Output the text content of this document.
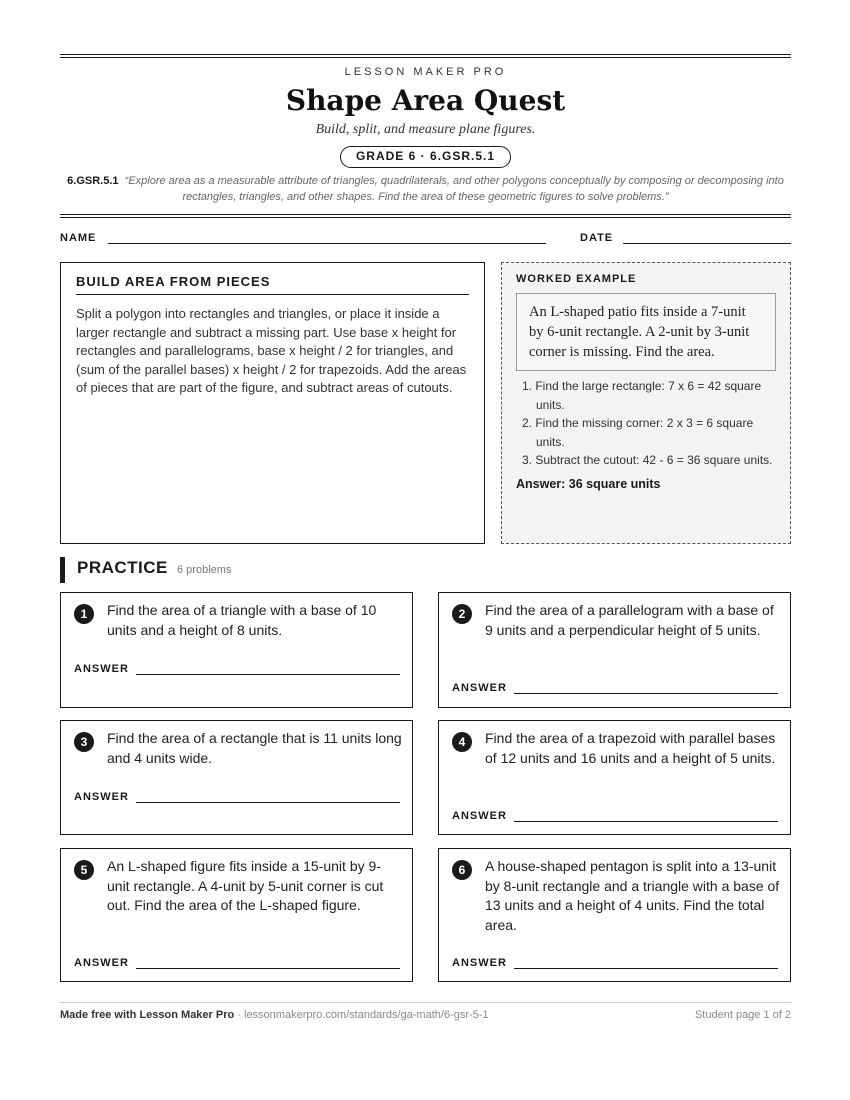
LESSON MAKER PRO
Shape Area Quest
Build, split, and measure plane figures.
GRADE 6 · 6.GSR.5.1
6.GSR.5.1 “Explore area as a measurable attribute of triangles, quadrilaterals, and other polygons conceptually by composing or decomposing into rectangles, triangles, and other shapes. Find the area of these geometric figures to solve problems.”
NAME	DATE
BUILD AREA FROM PIECES
Split a polygon into rectangles and triangles, or place it inside a larger rectangle and subtract a missing part. Use base x height for rectangles and parallelograms, base x height / 2 for triangles, and (sum of the parallel bases) x height / 2 for trapezoids. Add the areas of pieces that are part of the figure, and subtract areas of cutouts.
WORKED EXAMPLE
An L-shaped patio fits inside a 7-unit by 6-unit rectangle. A 2-unit by 3-unit corner is missing. Find the area.
1. Find the large rectangle: 7 x 6 = 42 square units.
2. Find the missing corner: 2 x 3 = 6 square units.
3. Subtract the cutout: 42 - 6 = 36 square units.
Answer: 36 square units
PRACTICE 6 problems
1	Find the area of a triangle with a base of 10 units and a height of 8 units.
ANSWER
2	Find the area of a parallelogram with a base of 9 units and a perpendicular height of 5 units.
ANSWER
3	Find the area of a rectangle that is 11 units long and 4 units wide.
ANSWER
4	Find the area of a trapezoid with parallel bases of 12 units and 16 units and a height of 5 units.
ANSWER
5	An L-shaped figure fits inside a 15-unit by 9-unit rectangle. A 4-unit by 5-unit corner is cut out. Find the area of the L-shaped figure.
ANSWER
6	A house-shaped pentagon is split into a 13-unit by 8-unit rectangle and a triangle with a base of 13 units and a height of 4 units. Find the total area.
ANSWER
Made free with Lesson Maker Pro · lessonmakerpro.com/standards/ga-math/6-gsr-5-1	Student page 1 of 2
